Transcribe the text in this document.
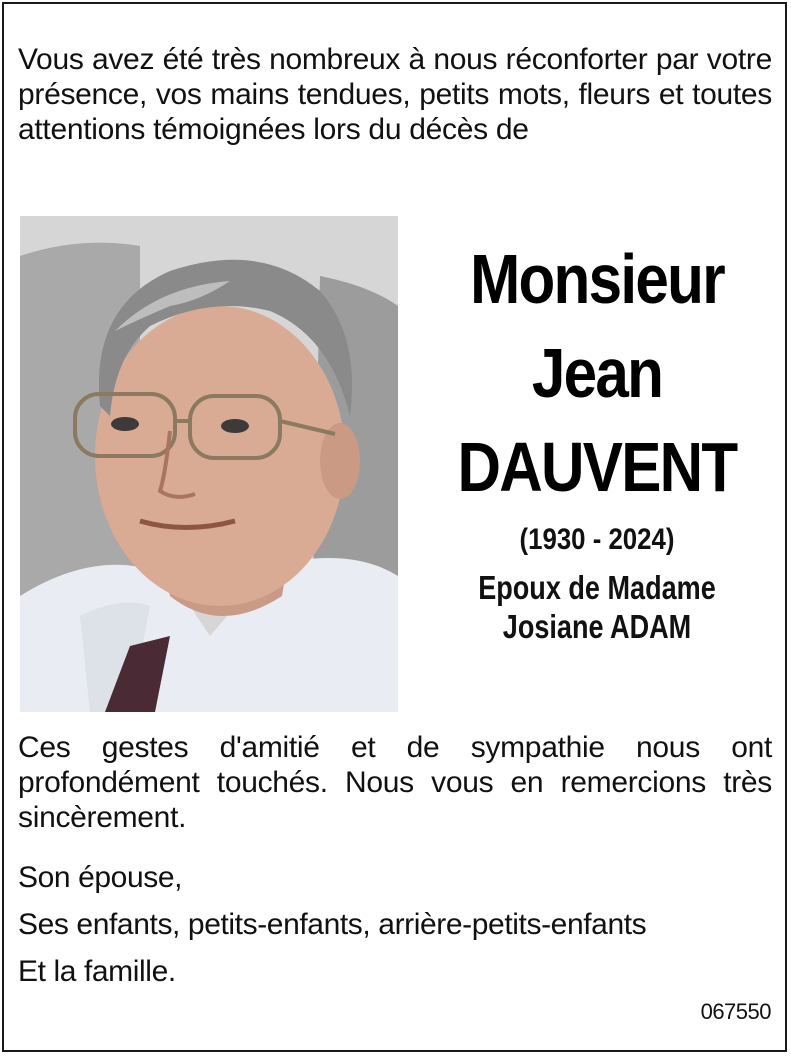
Vous avez été très nombreux à nous réconforter par votre présence, vos mains tendues, petits mots, fleurs et toutes attentions témoignées lors du décès de
Monsieur
Jean
DAUVENT
(1930 - 2024)
Epoux de Madame
Josiane ADAM
Ces gestes d'amitié et de sympathie nous ont profondément touchés. Nous vous en remercions très sincèrement.
Son épouse,
Ses enfants, petits-enfants, arrière-petits-enfants
Et la famille.
067550
